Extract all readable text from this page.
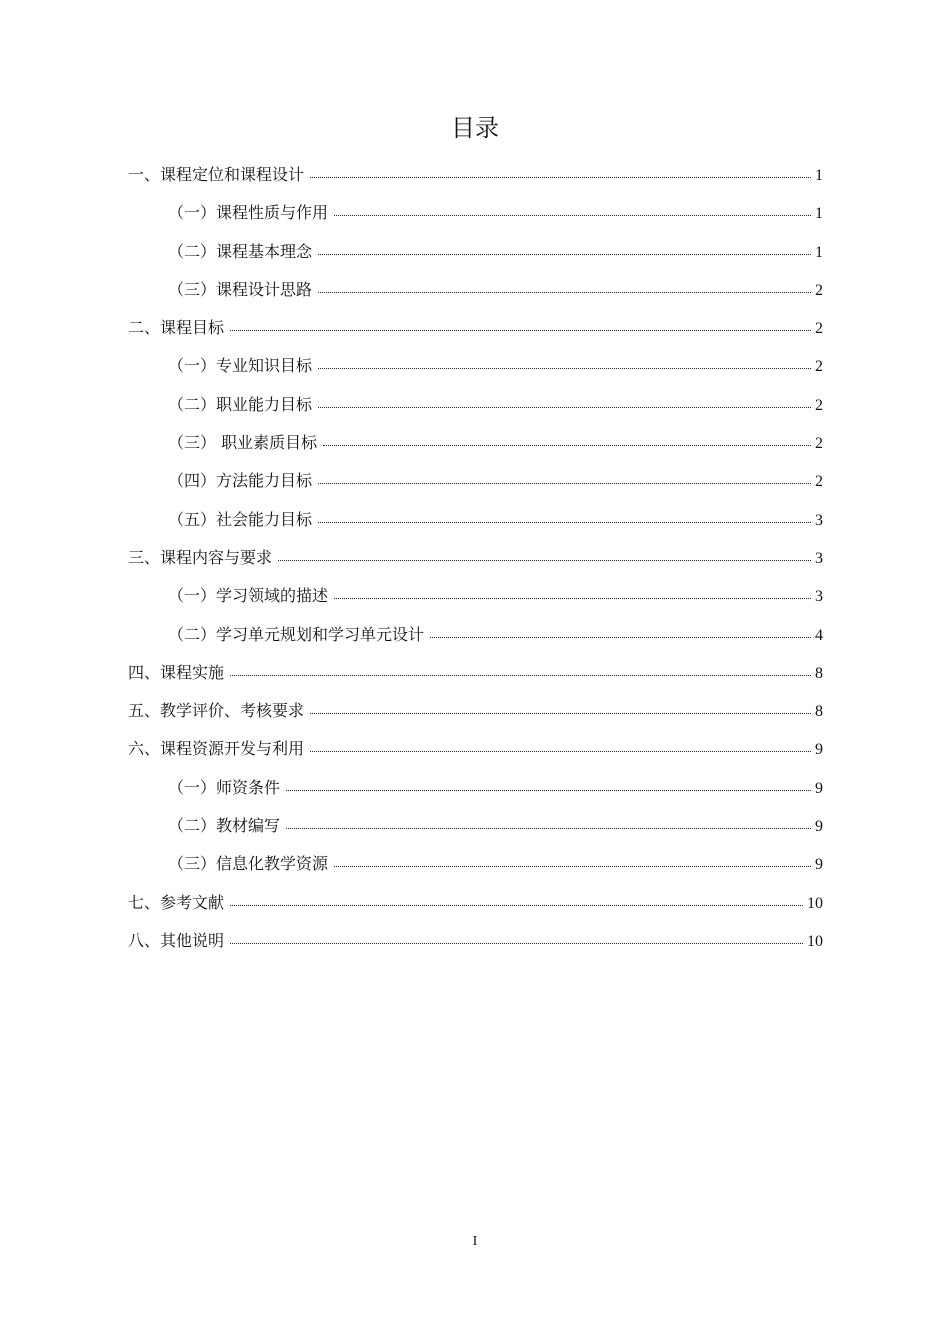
目录
一、课程定位和课程设计	1
（一）课程性质与作用	1
（二）课程基本理念	1
（三）课程设计思路	2
二、课程目标	2
（一）专业知识目标	2
（二）职业能力目标	2
（三） 职业素质目标	2
（四）方法能力目标	2
（五）社会能力目标	3
三、课程内容与要求	3
（一）学习领域的描述	3
（二）学习单元规划和学习单元设计	4
四、课程实施	8
五、教学评价、考核要求	8
六、课程资源开发与利用	9
（一）师资条件	9
（二）教材编写	9
（三）信息化教学资源	9
七、参考文献	10
八、其他说明	10
I
